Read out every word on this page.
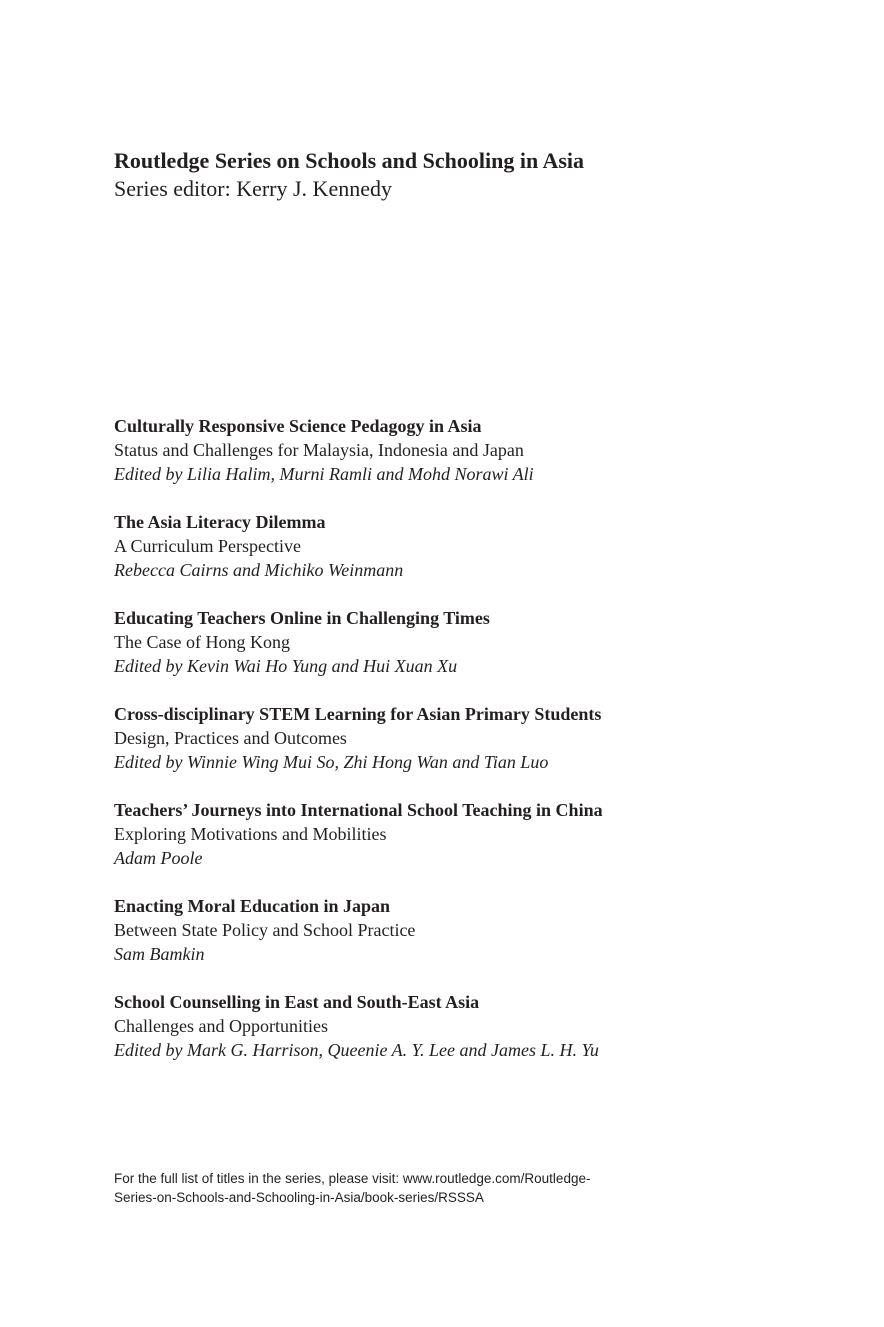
Routledge Series on Schools and Schooling in Asia

Series editor: Kerry J. Kennedy

Culturally Responsive Science Pedagogy in Asia
Status and Challenges for Malaysia, Indonesia and Japan
Edited by Lilia Halim, Murni Ramli and Mohd Norawi Ali
The Asia Literacy Dilemma
A Curriculum Perspective
Rebecca Cairns and Michiko Weinmann
Educating Teachers Online in Challenging Times
The Case of Hong Kong
Edited by Kevin Wai Ho Yung and Hui Xuan Xu
Cross-disciplinary STEM Learning for Asian Primary Students
Design, Practices and Outcomes
Edited by Winnie Wing Mui So, Zhi Hong Wan and Tian Luo
Teachers’ Journeys into International School Teaching in China
Exploring Motivations and Mobilities
Adam Poole
Enacting Moral Education in Japan
Between State Policy and School Practice
Sam Bamkin
School Counselling in East and South-East Asia
Challenges and Opportunities
Edited by Mark G. Harrison, Queenie A. Y. Lee and James L. H. Yu
For the full list of titles in the series, please visit: www.routledge.com/Routledge-
Series-on-Schools-and-Schooling-in-Asia/book-series/RSSSA
